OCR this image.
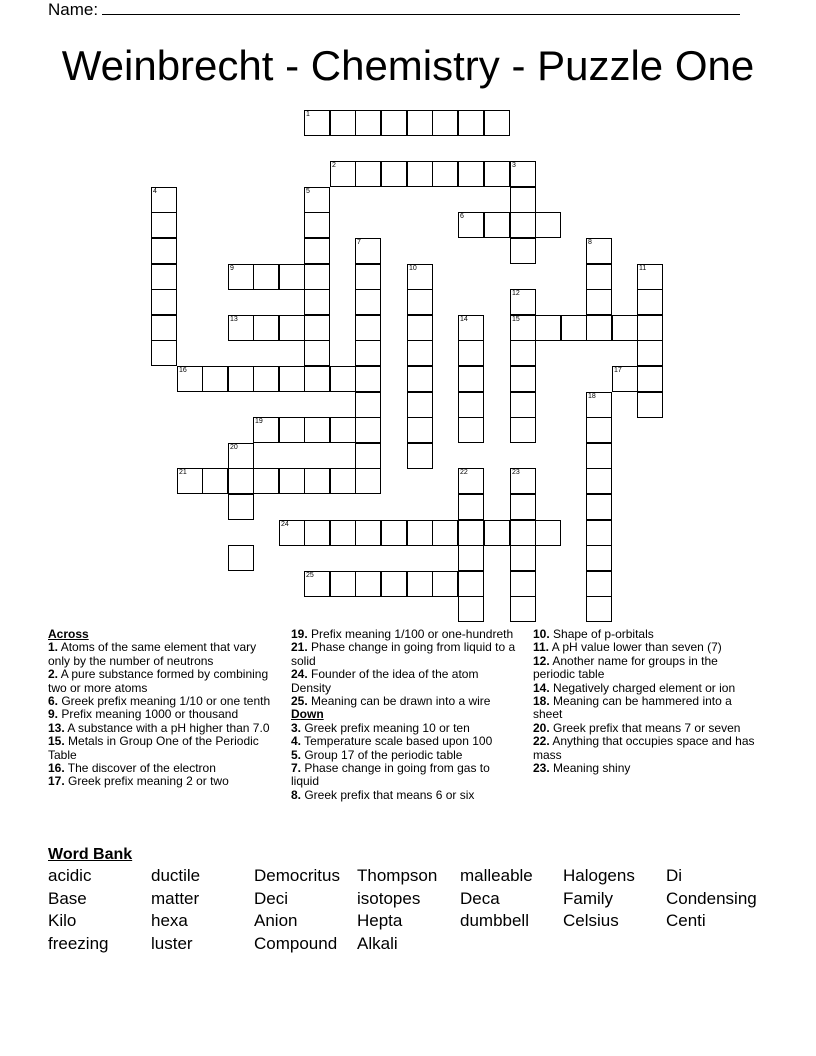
Name:
Weinbrecht - Chemistry - Puzzle One
1
2	3
4	5
6
7	8
9	10	11
12
13	14	15
16	17
18
19
20
21	22	23
24
25
Across
1. Atoms of the same element that vary only by the number of neutrons
2. A pure substance formed by combining two or more atoms
6. Greek prefix meaning 1/10 or one tenth
9. Prefix meaning 1000 or thousand
13. A substance with a pH higher than 7.0
15. Metals in Group One of the Periodic Table
16. The discover of the electron
17. Greek prefix meaning 2 or two
19. Prefix meaning 1/100 or one-hundreth
21. Phase change in going from liquid to a solid
24. Founder of the idea of the atom Density
25. Meaning can be drawn into a wire
Down
3. Greek prefix meaning 10 or ten
4. Temperature scale based upon 100
5. Group 17 of the periodic table
7. Phase change in going from gas to liquid
8. Greek prefix that means 6 or six
10. Shape of p-orbitals
11. A pH value lower than seven (7)
12. Another name for groups in the periodic table
14. Negatively charged element or ion
18. Meaning can be hammered into a sheet
20. Greek prefix that means 7 or seven
22. Anything that occupies space and has mass
23. Meaning shiny
Word Bank
acidic	ductile	Democritus Thompson malleable Halogens Di
Base	matter	Deci	isotopes Deca	Family	Condensing
Kilo	hexa	Anion	Hepta	dumbbell Celsius	Centi
freezing	luster	Compound Alkali
